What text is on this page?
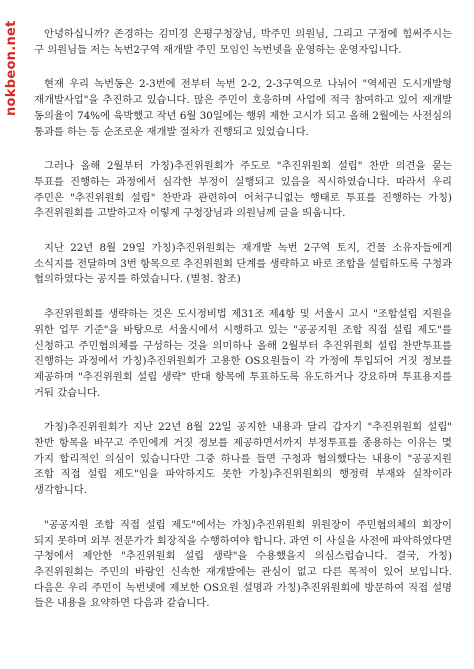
nokbeon.net	안녕하십니까? 존경하는 김미경 은평구청장님, 박주민 의원님, 그리고 구정에 힘써주시는 구 의원님들 저는 녹번2구역 재개발 주민 모임인 녹번넷을 운영하는 운영자입니다.

현재 우리 녹번동은 2-3번에 전부터 녹번 2-2, 2-3구역으로 나뉘어 "역세권 도시개발형 재개발사업"을 추진하고 있습니다. 많은 주민이 호응하며 사업에 적극 참여하고 있어 재개발 동의율이 74%에 육박했고 작년 6월 30일에는 행위 제한 고시가 되고 올해 2월에는 사전심의 통과를 하는 등 순조로운 재개발 절차가 진행되고 있었습니다.

그러나 올해 2월부터 가칭)추진위원회가 주도로 "추진위원회 설립" 찬반 의견을 묻는 투표를 진행하는 과정에서 심각한 부정이 실행되고 있음을 직시하였습니다. 따라서 우리 주민은 "추진위원회 설립" 찬반과 관련하여 어처구니없는 행태로 투표를 진행하는 가칭)추진위원회를 고발하고자 이렇게 구청장님과 의원님께 글을 띄웁니다.

지난 22년 8월 29일 가칭)추진위원회는 재개발 녹번 2구역 토지, 건물 소유자들에게 소식지를 전달하며 3번 항목으로 추진위원회 단계를 생략하고 바로 조합을 설립하도록 구청과 협의하였다는 공지를 하였습니다. (별첨. 참조)

추진위원회를 생략하는 것은 도시정비법 제31조 제4항 및 서울시 고시 "조합설립 지원을 위한 업무 기준"을 바탕으로 서울시에서 시행하고 있는 "공공지원 조합 직접 설립 제도"를 신청하고 주민협의체를 구성하는 것을 의미하나 올해 2월부터 추진위원회 설립 찬반투표를 진행하는 과정에서 가칭)추진위원회가 고용한 OS요원들이 각 가정에 투입되어 거짓 정보를 제공하며 "추진위원회 설립 생략" 반대 항목에 투표하도록 유도하거나 강요하며 투표용지를 거둬 갔습니다.

가칭)추진위원회가 지난 22년 8월 22일 공지한 내용과 달리 갑자기 "추진위원회 설립" 찬반 항목을 바꾸고 주민에게 거짓 정보를 제공하면서까지 부정투표를 종용하는 이유는 몇 가지 합리적인 의심이 있습니다만 그중 하나를 들면 구청과 협의했다는 내용이 "공공지원 조합 직접 설립 제도"임을 파악하지도 못한 가칭)추진위원회의 행정력 부재와 실착이라 생각합니다.

"공공지원 조합 직접 설립 제도"에서는 가칭)추진위원회 위원장이 주민협의체의 회장이 되지 못하며 외부 전문가가 회장직을 수행하여야 합니다. 과연 이 사실을 사전에 파악하였다면 구청에서 제안한 "추진위원회 설립 생략"을 수용했을지 의심스럽습니다. 결국, 가칭)추진위원회는 주민의 바람인 신속한 재개발에는 관심이 없고 다른 목적이 있어 보입니다. 다음은 우리 주민이 녹번넷에 제보한 OS요원 설명과 가칭)추진위원회에 방문하여 직접 설명 들은 내용을 요약하면 다음과 같습니다.
